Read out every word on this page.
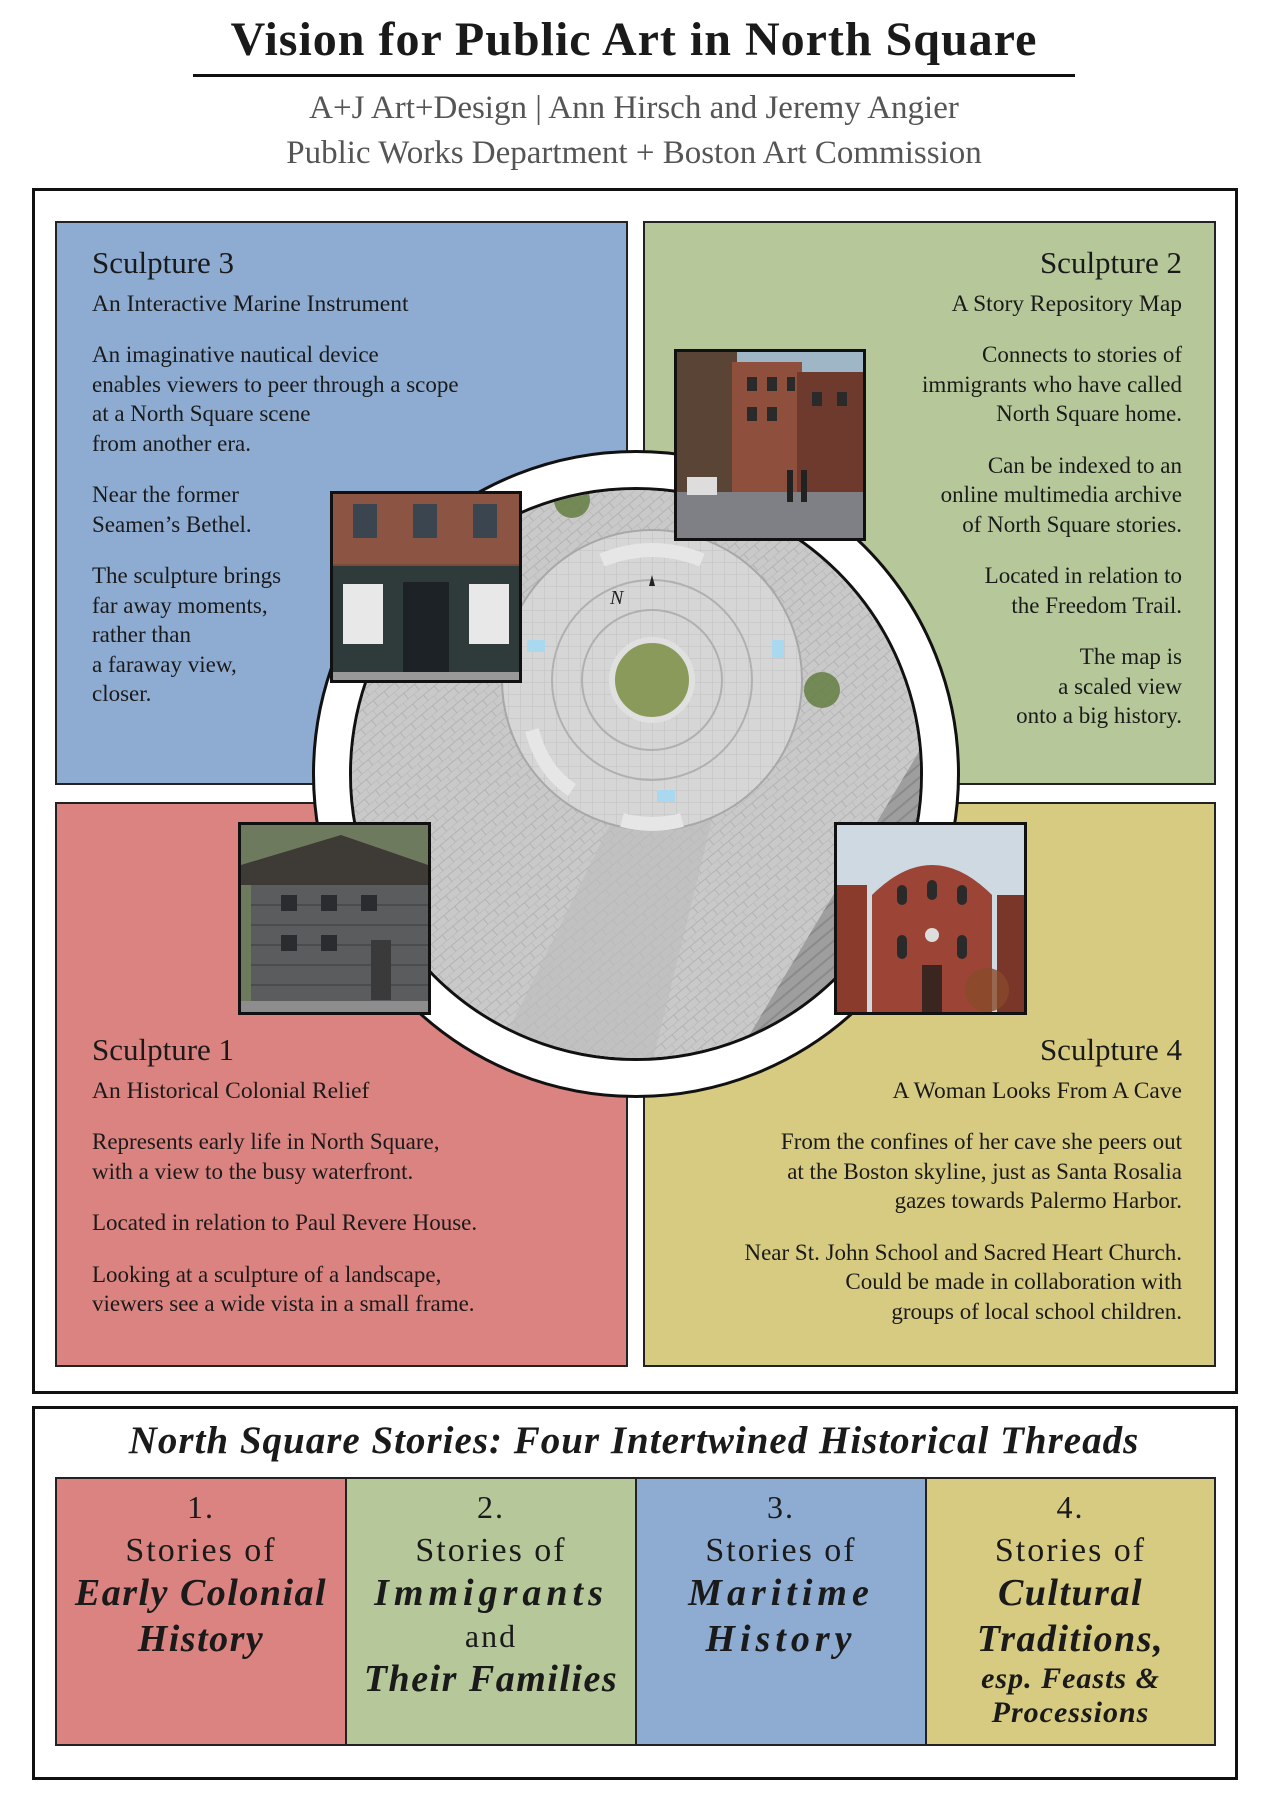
Vision for Public Art in North Square
A+J Art+Design | Ann Hirsch and Jeremy Angier
Public Works Department + Boston Art Commission
Sculpture 3
An Interactive Marine Instrument
An imaginative nautical device
enables viewers to peer through a scope
at a North Square scene
from another era.
Near the former
Seamen’s Bethel.
The sculpture brings
far away moments,
rather than
a faraway view,
closer.
Sculpture 2
A Story Repository Map
Connects to stories of
immigrants who have called
North Square home.
Can be indexed to an
online multimedia archive
of North Square stories.
Located in relation to
the Freedom Trail.
The map is
a scaled view
onto a big history.
Sculpture 1
An Historical Colonial Relief
Represents early life in North Square,
with a view to the busy waterfront.
Located in relation to Paul Revere House.
Looking at a sculpture of a landscape,
viewers see a wide vista in a small frame.
Sculpture 4
A Woman Looks From A Cave
From the confines of her cave she peers out
at the Boston skyline, just as Santa Rosalia
gazes towards Palermo Harbor.
Near St. John School and Sacred Heart Church.
Could be made in collaboration with
groups of local school children.
N
North Square Stories: Four Intertwined Historical Threads
1.
Stories of
Early Colonial
History
2.
Stories of
Immigrants
and
Their Families
3.
Stories of
Maritime
History
4.
Stories of
Cultural
Traditions,
esp. Feasts &
Processions
